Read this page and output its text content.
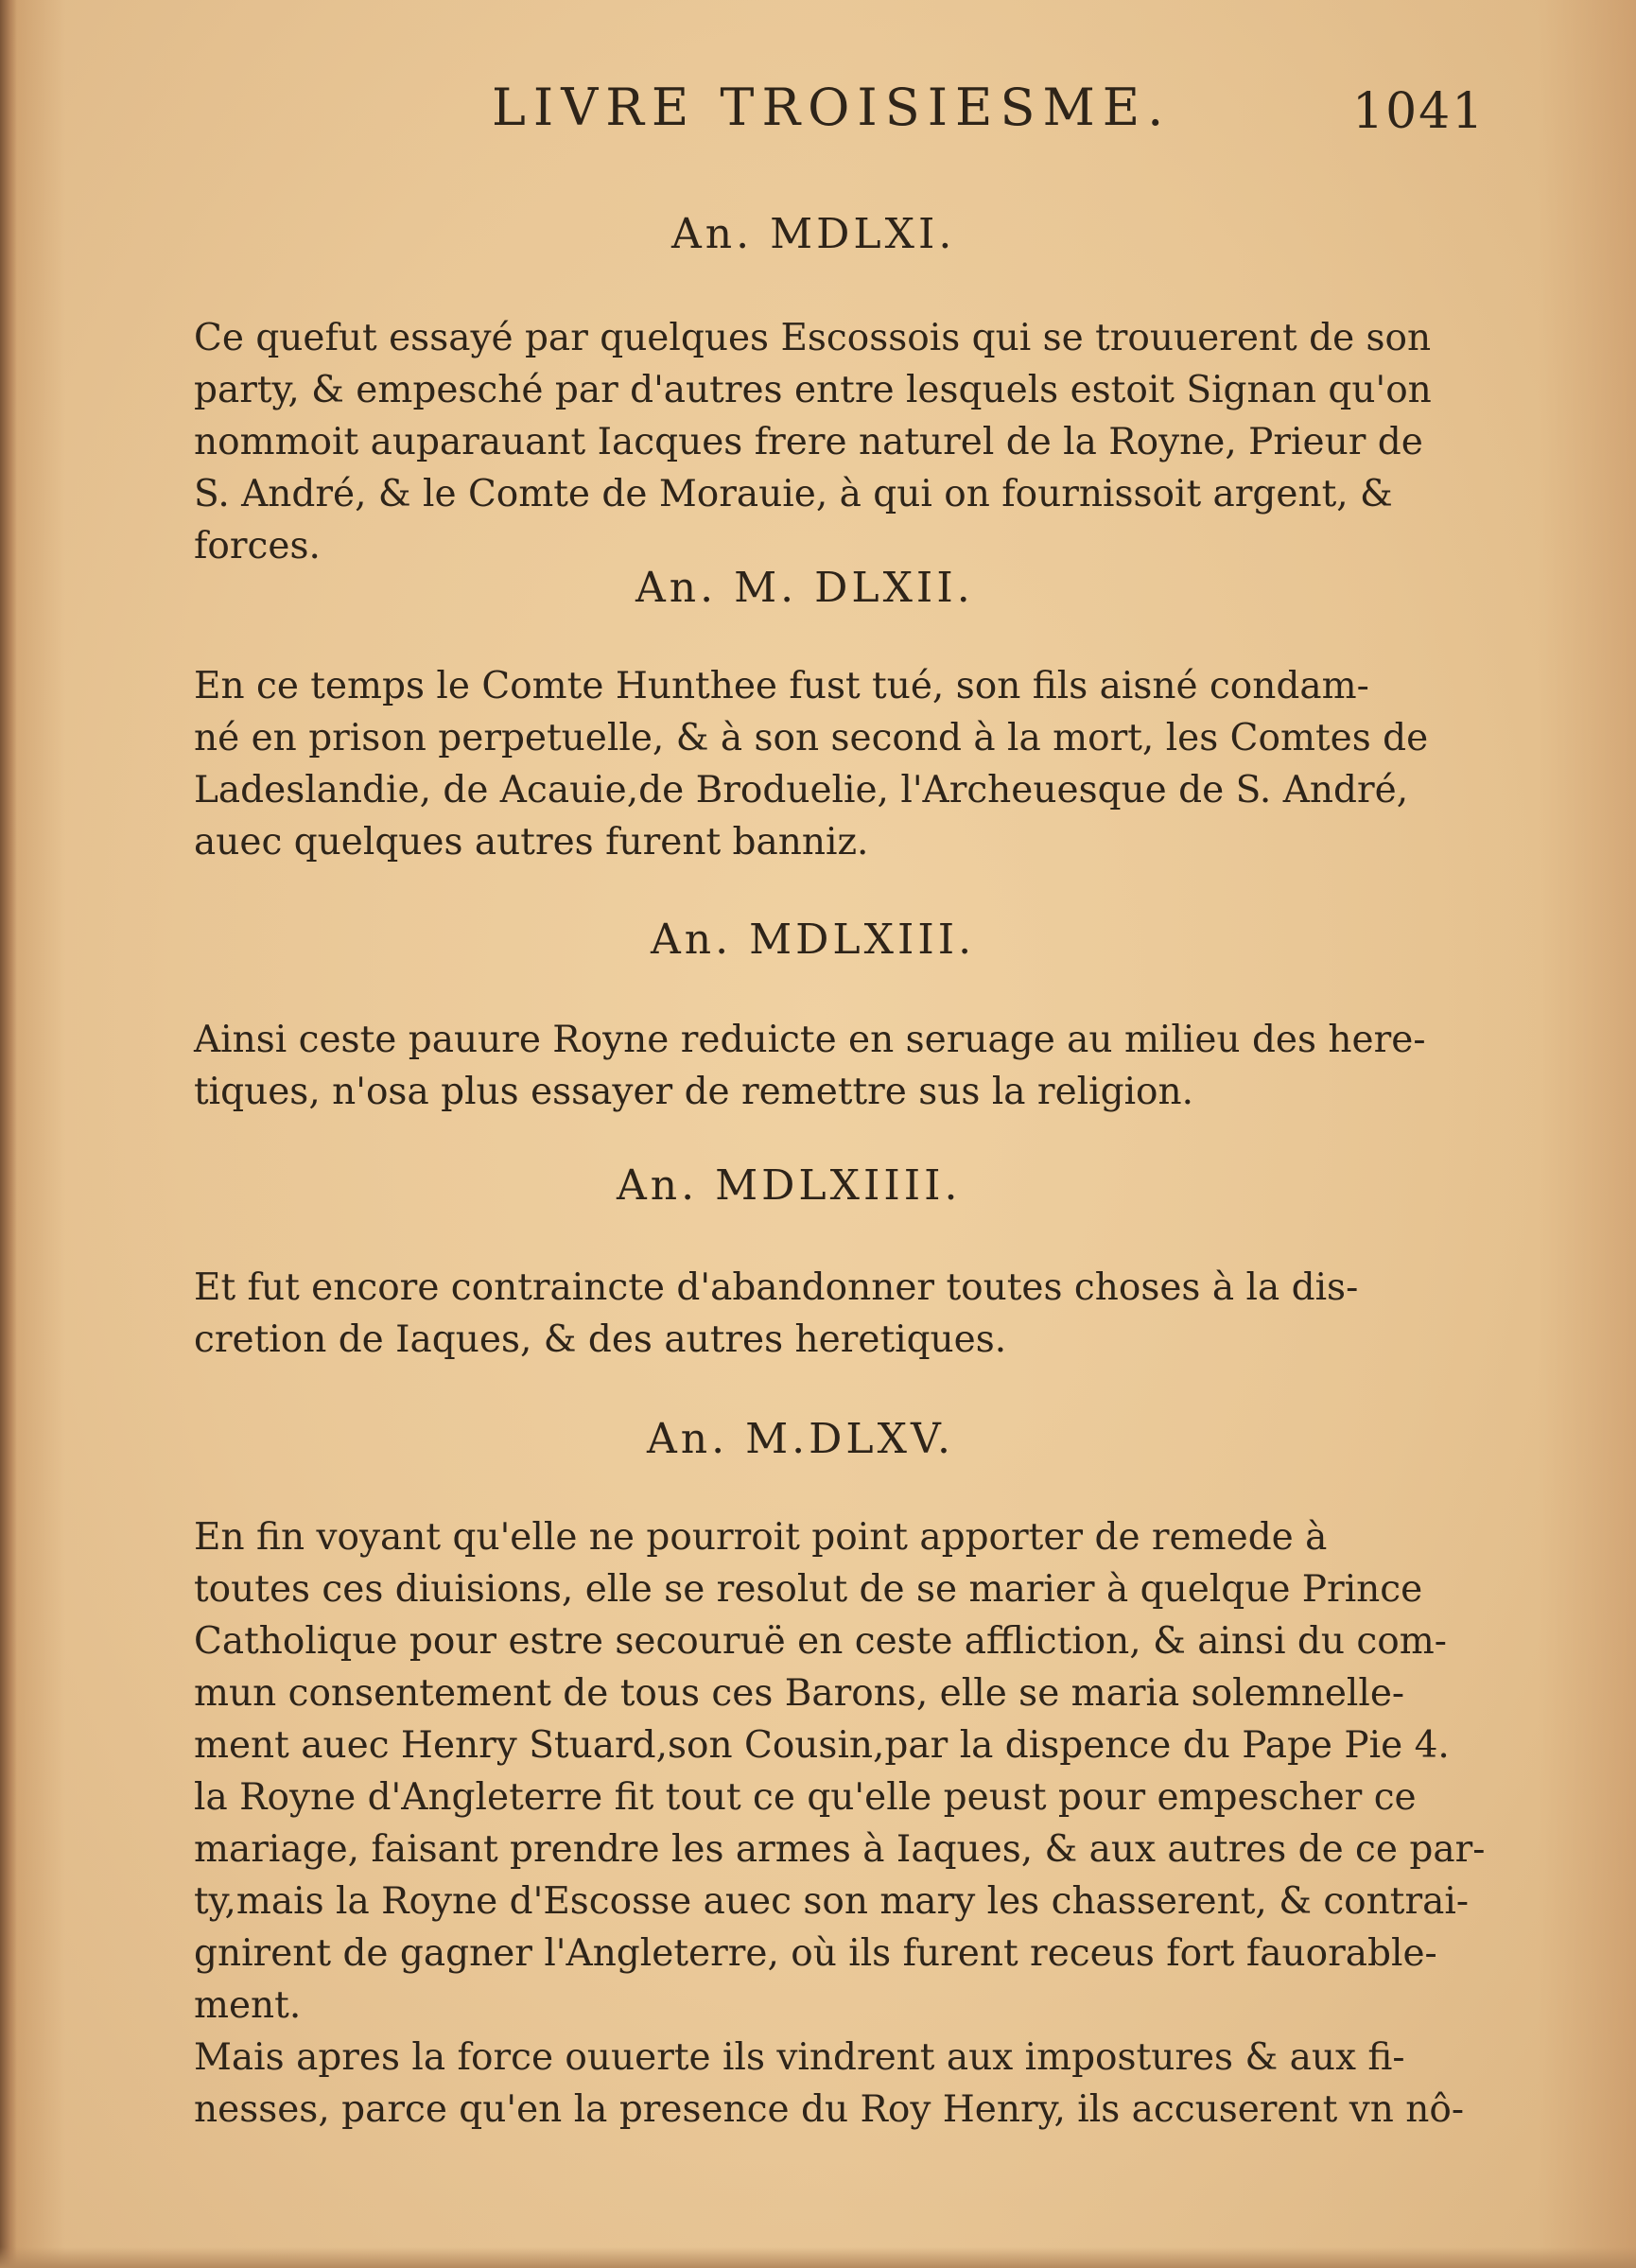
LIVRE TROISIESME.	1041
An. MDLXI.
Ce quefut essayé par quelques Escossois qui se trouuerent de son
party, & empesché par d'autres entre lesquels estoit Signan qu'on
nommoit auparauant Iacques frere naturel de la Royne, Prieur de
S. André, & le Comte de Morauie, à qui on fournissoit argent, &
forces.
An. M. DLXII.
En ce temps le Comte Hunthee fust tué, son fils aisné condam-
né en prison perpetuelle, & à son second à la mort, les Comtes de
Ladeslandie, de Acauie,de Broduelie, l'Archeuesque de S. André,
auec quelques autres furent banniz.
An. MDLXIII.
Ainsi ceste pauure Royne reduicte en seruage au milieu des here-
tiques, n'osa plus essayer de remettre sus la religion.
An. MDLXIIII.
Et fut encore contraincte d'abandonner toutes choses à la dis-
cretion de Iaques, & des autres heretiques.
An. M.DLXV.
En fin voyant qu'elle ne pourroit point apporter de remede à
toutes ces diuisions, elle se resolut de se marier à quelque Prince
Catholique pour estre secouruë en ceste affliction, & ainsi du com-
mun consentement de tous ces Barons, elle se maria solemnelle-
ment auec Henry Stuard,son Cousin,par la dispence du Pape Pie 4.
la Royne d'Angleterre fit tout ce qu'elle peust pour empescher ce
mariage, faisant prendre les armes à Iaques, & aux autres de ce par-
ty,mais la Royne d'Escosse auec son mary les chasserent, & contrai-
gnirent de gagner l'Angleterre, où ils furent receus fort fauorable-
ment.
Mais apres la force ouuerte ils vindrent aux impostures & aux fi-
nesses, parce qu'en la presence du Roy Henry, ils accuserent vn nô-
